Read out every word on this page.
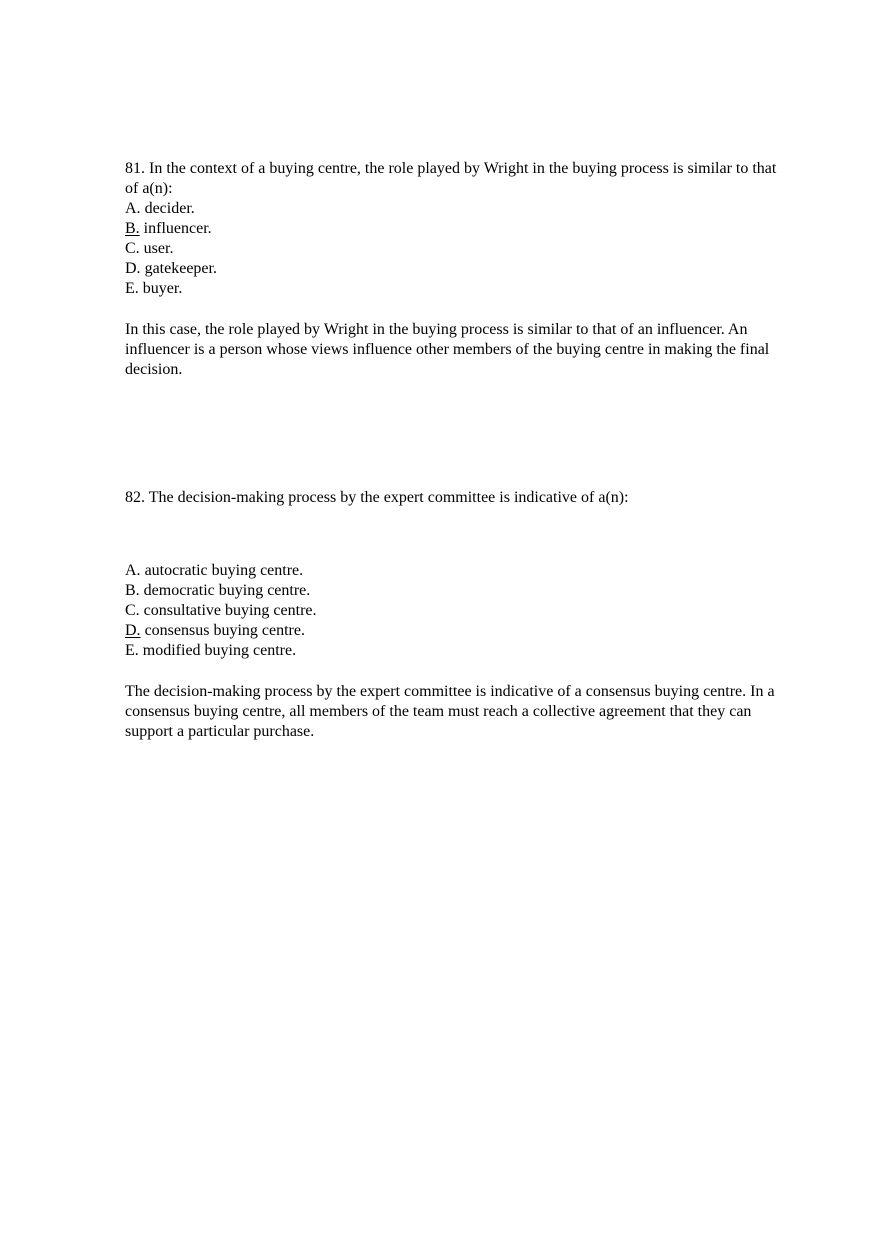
81. In the context of a buying centre, the role played by Wright in the buying process is similar to that of a(n):

A. decider.
B. influencer.
C. user.
D. gatekeeper.
E. buyer.

In this case, the role played by Wright in the buying process is similar to that of an influencer. An influencer is a person whose views influence other members of the buying centre in making the final decision.

82. The decision-making process by the expert committee is indicative of a(n):

A. autocratic buying centre.
B. democratic buying centre.
C. consultative buying centre.
D. consensus buying centre.
E. modified buying centre.

The decision-making process by the expert committee is indicative of a consensus buying centre. In a consensus buying centre, all members of the team must reach a collective agreement that they can support a particular purchase.
